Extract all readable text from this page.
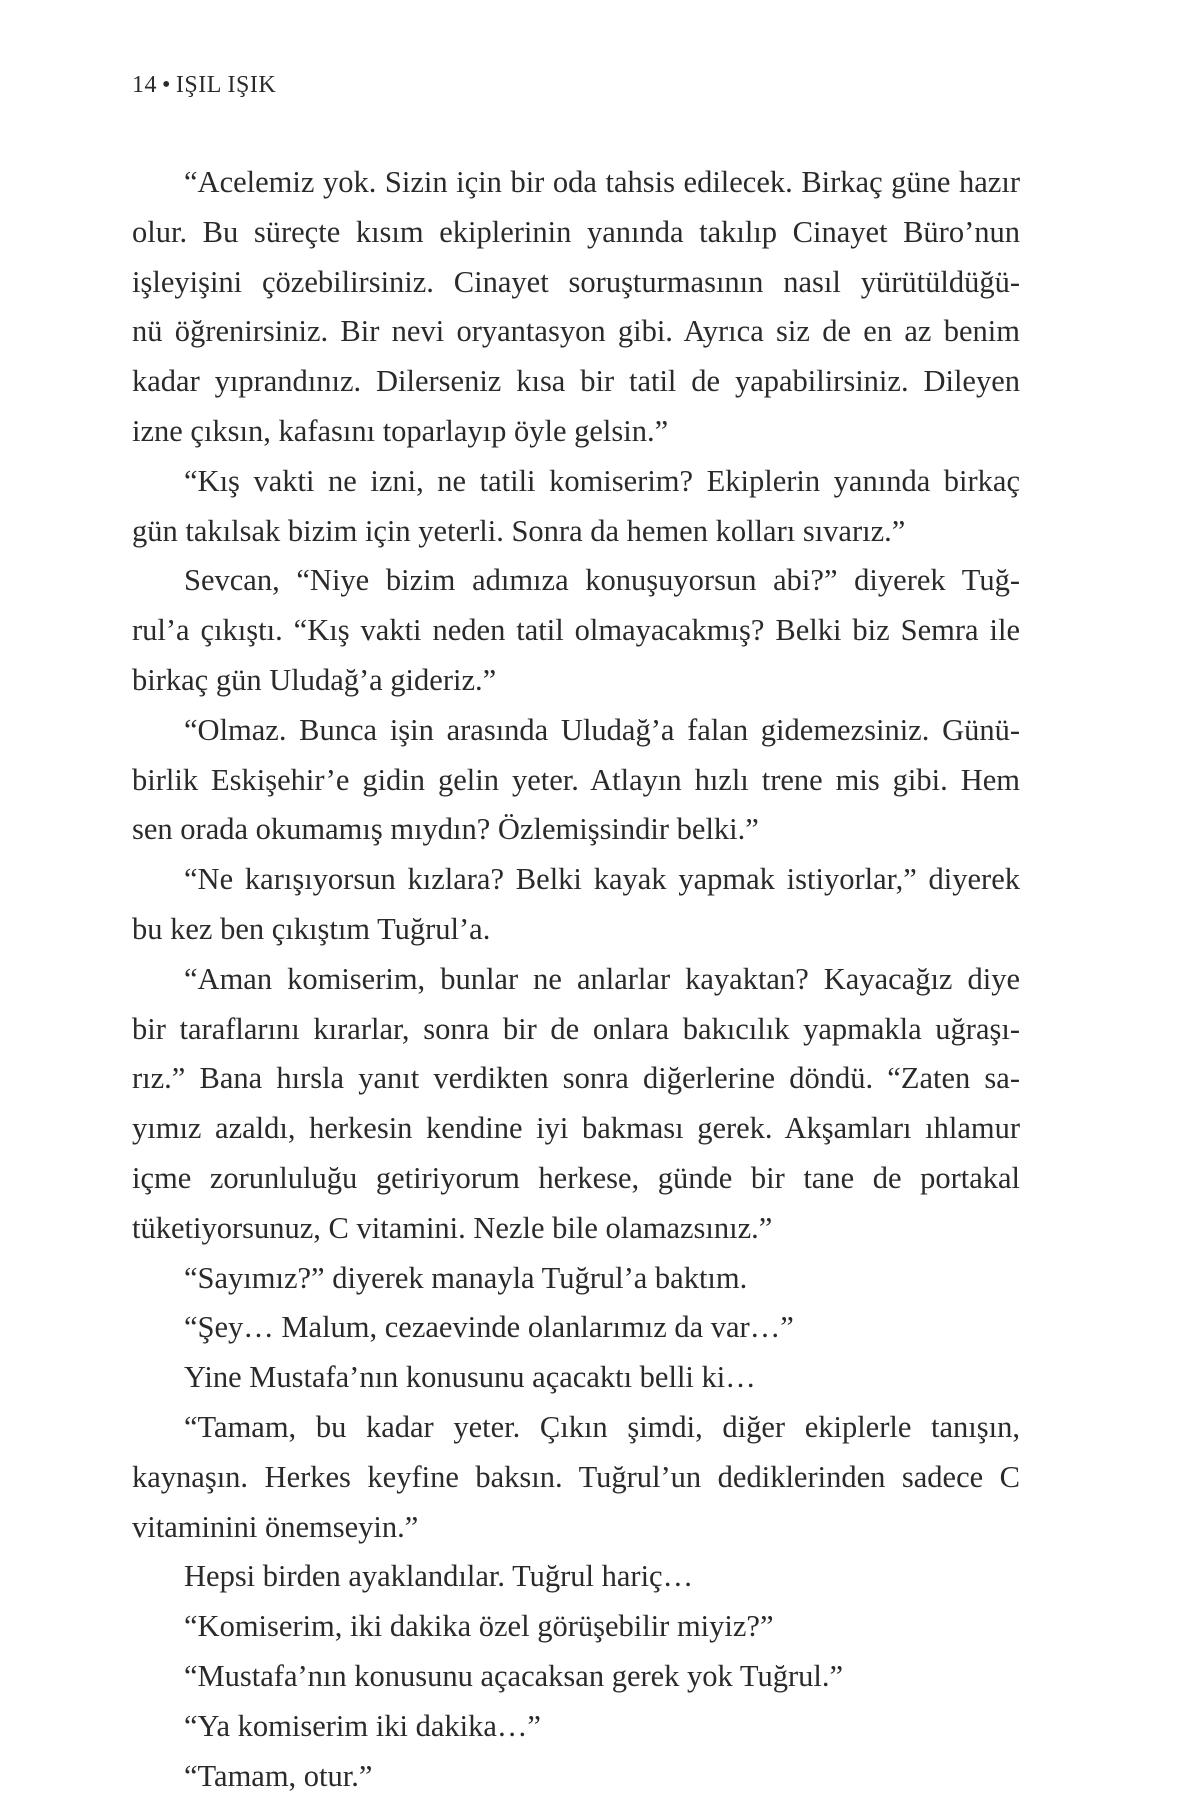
14 • IŞIL IŞIK
“Acelemiz yok. Sizin için bir oda tahsis edilecek. Birkaç güne hazır
olur. Bu süreçte kısım ekiplerinin yanında takılıp Cinayet Büro’nun
işleyişini çözebilirsiniz. Cinayet soruşturmasının nasıl yürütüldüğü-
nü öğrenirsiniz. Bir nevi oryantasyon gibi. Ayrıca siz de en az benim
kadar yıprandınız. Dilerseniz kısa bir tatil de yapabilirsiniz. Dileyen
izne çıksın, kafasını toparlayıp öyle gelsin.”
“Kış vakti ne izni, ne tatili komiserim? Ekiplerin yanında birkaç
gün takılsak bizim için yeterli. Sonra da hemen kolları sıvarız.”
Sevcan, “Niye bizim adımıza konuşuyorsun abi?” diyerek Tuğ-
rul’a çıkıştı. “Kış vakti neden tatil olmayacakmış? Belki biz Semra ile
birkaç gün Uludağ’a gideriz.”
“Olmaz. Bunca işin arasında Uludağ’a falan gidemezsiniz. Günü-
birlik Eskişehir’e gidin gelin yeter. Atlayın hızlı trene mis gibi. Hem
sen orada okumamış mıydın? Özlemişsindir belki.”
“Ne karışıyorsun kızlara? Belki kayak yapmak istiyorlar,” diyerek
bu kez ben çıkıştım Tuğrul’a.
“Aman komiserim, bunlar ne anlarlar kayaktan? Kayacağız diye
bir taraflarını kırarlar, sonra bir de onlara bakıcılık yapmakla uğraşı-
rız.” Bana hırsla yanıt verdikten sonra diğerlerine döndü. “Zaten sa-
yımız azaldı, herkesin kendine iyi bakması gerek. Akşamları ıhlamur
içme zorunluluğu getiriyorum herkese, günde bir tane de portakal
tüketiyorsunuz, C vitamini. Nezle bile olamazsınız.”
“Sayımız?” diyerek manayla Tuğrul’a baktım.
“Şey… Malum, cezaevinde olanlarımız da var…”
Yine Mustafa’nın konusunu açacaktı belli ki…
“Tamam, bu kadar yeter. Çıkın şimdi, diğer ekiplerle tanışın,
kaynaşın. Herkes keyfine baksın. Tuğrul’un dediklerinden sadece C
vitaminini önemseyin.”
Hepsi birden ayaklandılar. Tuğrul hariç…
“Komiserim, iki dakika özel görüşebilir miyiz?”
“Mustafa’nın konusunu açacaksan gerek yok Tuğrul.”
“Ya komiserim iki dakika…”
“Tamam, otur.”
